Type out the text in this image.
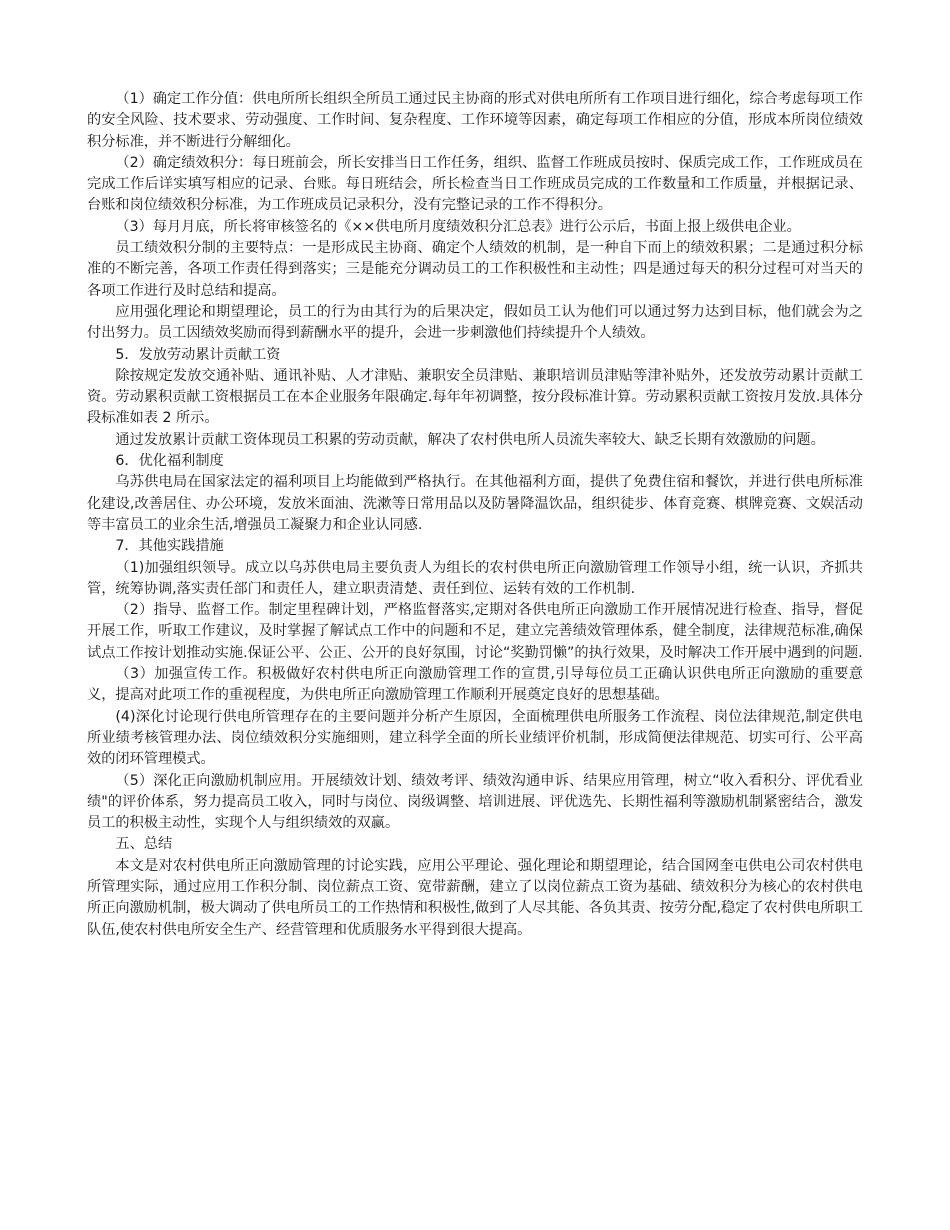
（1）确定工作分值：供电所所长组织全所员工通过民主协商的形式对供电所所有工作项目进行细化，综合考虑每项工作的安全风险、技术要求、劳动强度、工作时间、复杂程度、工作环境等因素，确定每项工作相应的分值，形成本所岗位绩效积分标准，并不断进行分解细化。

（2）确定绩效积分：每日班前会，所长安排当日工作任务，组织、监督工作班成员按时、保质完成工作，工作班成员在完成工作后详实填写相应的记录、台账。每日班结会，所长检查当日工作班成员完成的工作数量和工作质量，并根据记录、台账和岗位绩效积分标准，为工作班成员记录积分，没有完整记录的工作不得积分。

（3）每月月底，所长将审核签名的《××供电所月度绩效积分汇总表》进行公示后，书面上报上级供电企业。

员工绩效积分制的主要特点：一是形成民主协商、确定个人绩效的机制，是一种自下而上的绩效积累；二是通过积分标准的不断完善，各项工作责任得到落实；三是能充分调动员工的工作积极性和主动性；四是通过每天的积分过程可对当天的各项工作进行及时总结和提高。

应用强化理论和期望理论，员工的行为由其行为的后果决定，假如员工认为他们可以通过努力达到目标，他们就会为之付出努力。员工因绩效奖励而得到薪酬水平的提升，会进一步刺激他们持续提升个人绩效。

5．发放劳动累计贡献工资

除按规定发放交通补贴、通讯补贴、人才津贴、兼职安全员津贴、兼职培训员津贴等津补贴外，还发放劳动累计贡献工资。劳动累积贡献工资根据员工在本企业服务年限确定.每年年初调整，按分段标准计算。劳动累积贡献工资按月发放.具体分段标准如表 2 所示。

通过发放累计贡献工资体现员工积累的劳动贡献，解决了农村供电所人员流失率较大、缺乏长期有效激励的问题。

6．优化福利制度

乌苏供电局在国家法定的福利项目上均能做到严格执行。在其他福利方面，提供了免费住宿和餐饮，并进行供电所标准化建设,改善居住、办公环境，发放米面油、洗漱等日常用品以及防暑降温饮品，组织徒步、体育竞赛、棋牌竞赛、文娱活动等丰富员工的业余生活,增强员工凝聚力和企业认同感.

7．其他实践措施

（1)加强组织领导。成立以乌苏供电局主要负责人为组长的农村供电所正向激励管理工作领导小组，统一认识，齐抓共管，统筹协调,落实责任部门和责任人，建立职责清楚、责任到位、运转有效的工作机制.

（2）指导、监督工作。制定里程碑计划，严格监督落实,定期对各供电所正向激励工作开展情况进行检查、指导，督促开展工作，听取工作建议，及时掌握了解试点工作中的问题和不足，建立完善绩效管理体系，健全制度，法律规范标准,确保试点工作按计划推动实施.保证公平、公正、公开的良好氛围，讨论“奖勤罚懒”的执行效果，及时解决工作开展中遇到的问题.

（3）加强宣传工作。积极做好农村供电所正向激励管理工作的宣贯,引导每位员工正确认识供电所正向激励的重要意义，提高对此项工作的重视程度，为供电所正向激励管理工作顺利开展奠定良好的思想基础。

(4)深化讨论现行供电所管理存在的主要问题并分析产生原因，全面梳理供电所服务工作流程、岗位法律规范,制定供电所业绩考核管理办法、岗位绩效积分实施细则，建立科学全面的所长业绩评价机制，形成简便法律规范、切实可行、公平高效的闭环管理模式。

（5）深化正向激励机制应用。开展绩效计划、绩效考评、绩效沟通申诉、结果应用管理，树立“收入看积分、评优看业绩"的评价体系，努力提高员工收入，同时与岗位、岗级调整、培训进展、评优选先、长期性福利等激励机制紧密结合，激发员工的积极主动性，实现个人与组织绩效的双赢。

五、总结

本文是对农村供电所正向激励管理的讨论实践，应用公平理论、强化理论和期望理论，结合国网奎屯供电公司农村供电所管理实际，通过应用工作积分制、岗位薪点工资、宽带薪酬，建立了以岗位薪点工资为基础、绩效积分为核心的农村供电所正向激励机制，极大调动了供电所员工的工作热情和积极性,做到了人尽其能、各负其责、按劳分配,稳定了农村供电所职工队伍,使农村供电所安全生产、经营管理和优质服务水平得到很大提高。
